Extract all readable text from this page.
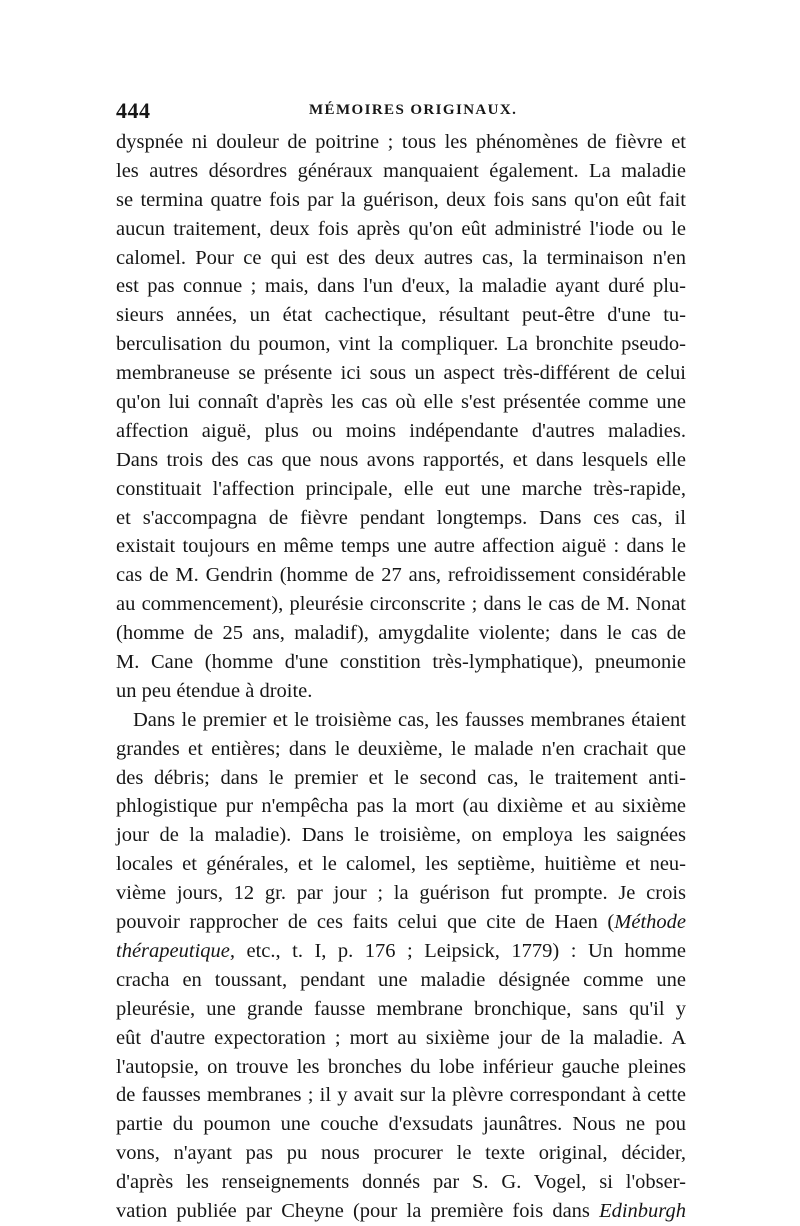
444	MÉMOIRES ORIGINAUX.
dyspnée ni douleur de poitrine ; tous les phénomènes de fièvre et
les autres désordres généraux manquaient également. La maladie
se termina quatre fois par la guérison, deux fois sans qu'on eût fait
aucun traitement, deux fois après qu'on eût administré l'iode ou le
calomel. Pour ce qui est des deux autres cas, la terminaison n'en
est pas connue ; mais, dans l'un d'eux, la maladie ayant duré plu-
sieurs années, un état cachectique, résultant peut-être d'une tu-
berculisation du poumon, vint la compliquer. La bronchite pseudo-
membraneuse se présente ici sous un aspect très-différent de celui
qu'on lui connaît d'après les cas où elle s'est présentée comme une
affection aiguë, plus ou moins indépendante d'autres maladies.
Dans trois des cas que nous avons rapportés, et dans lesquels elle
constituait l'affection principale, elle eut une marche très-rapide,
et s'accompagna de fièvre pendant longtemps. Dans ces cas, il
existait toujours en même temps une autre affection aiguë : dans le
cas de M. Gendrin (homme de 27 ans, refroidissement considérable
au commencement), pleurésie circonscrite ; dans le cas de M. Nonat
(homme de 25 ans, maladif), amygdalite violente; dans le cas de
M. Cane (homme d'une constition très-lymphatique), pneumonie
un peu étendue à droite.
Dans le premier et le troisième cas, les fausses membranes étaient
grandes et entières; dans le deuxième, le malade n'en crachait que
des débris; dans le premier et le second cas, le traitement anti-
phlogistique pur n'empêcha pas la mort (au dixième et au sixième
jour de la maladie). Dans le troisième, on employa les saignées
locales et générales, et le calomel, les septième, huitième et neu-
vième jours, 12 gr. par jour ; la guérison fut prompte. Je crois
pouvoir rapprocher de ces faits celui que cite de Haen (Méthode
thérapeutique, etc., t. I, p. 176 ; Leipsick, 1779) : Un homme
cracha en toussant, pendant une maladie désignée comme une
pleurésie, une grande fausse membrane bronchique, sans qu'il y
eût d'autre expectoration ; mort au sixième jour de la maladie. A
l'autopsie, on trouve les bronches du lobe inférieur gauche pleines
de fausses membranes ; il y avait sur la plèvre correspondant à cette
partie du poumon une couche d'exsudats jaunâtres. Nous ne pou
vons, n'ayant pas pu nous procurer le texte original, décider,
d'après les renseignements donnés par S. G. Vogel, si l'obser-
vation publiée par Cheyne (pour la première fois dans Edinburgh
